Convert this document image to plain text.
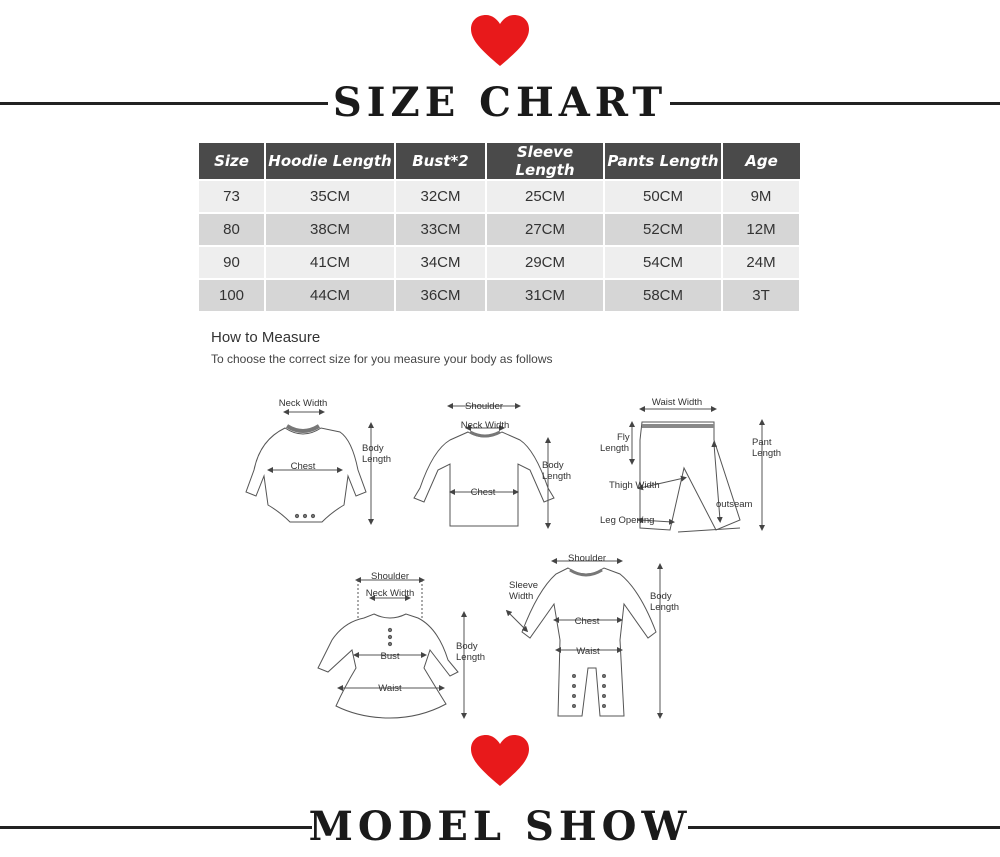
SIZE CHART
Size	Hoodie Length	Bust*2	Sleeve Length	Pants Length	Age
73	35CM	32CM	25CM	50CM	9M
80	38CM	33CM	27CM	52CM	12M
90	41CM	34CM	29CM	54CM	24M
100	44CM	36CM	31CM	58CM	3T
How to Measure
To choose the correct size for you measure your body as follows
Neck Width
Chest
Body
Length
Shoulder
Neck Width
Chest
Body
Length
Waist Width
Fly
Length
Pant
Length
Thigh Width
outseam
Leg Opening
Shoulder
Neck Width
Bust
Waist
Body
Length
Shoulder
Sleeve
Width
Chest
Waist
Body
Length
MODEL SHOW
